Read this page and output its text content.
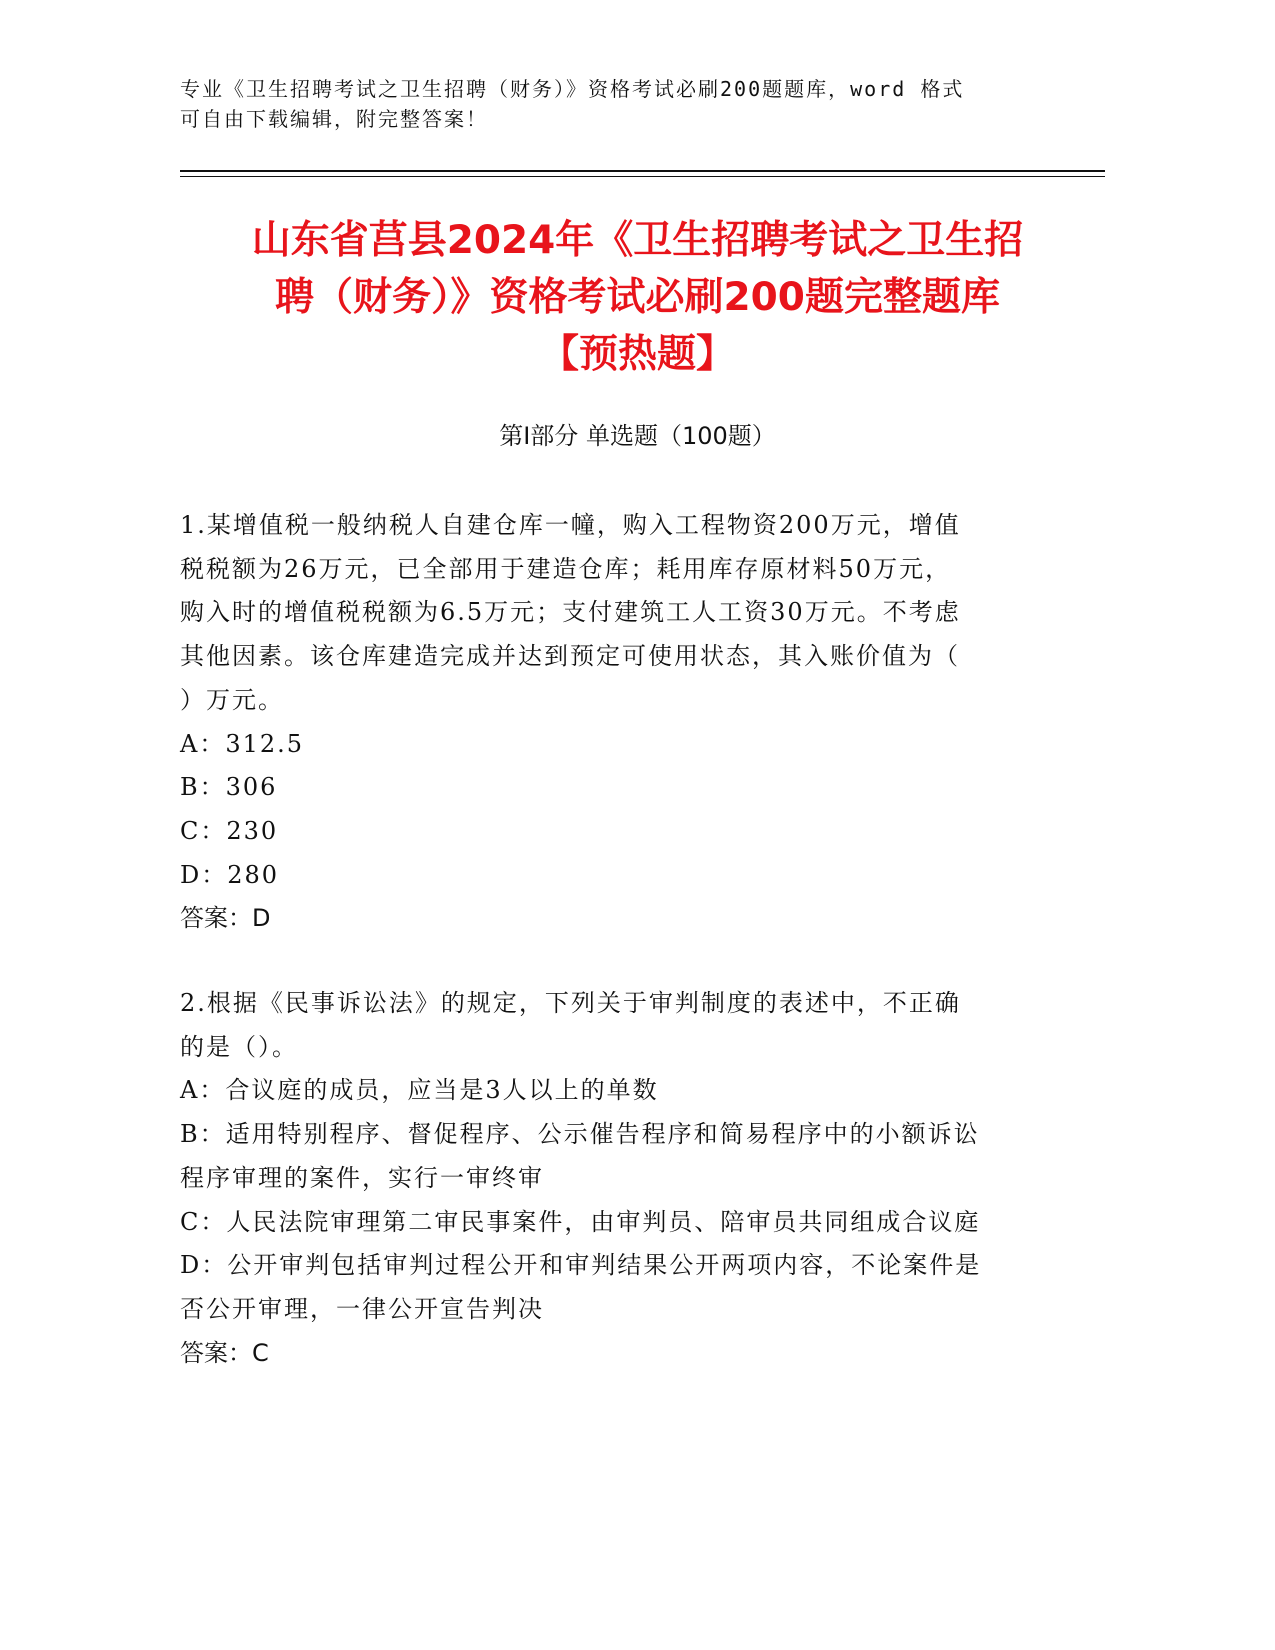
专业《卫生招聘考试之卫生招聘（财务）》资格考试必刷200题题库，word 格式
可自由下载编辑，附完整答案！
山东省莒县2024年《卫生招聘考试之卫生招
聘（财务）》资格考试必刷200题完整题库
【预热题】
第Ⅰ部分 单选题（100题）
1.某增值税一般纳税人自建仓库一幢，购入工程物资200万元，增值
税税额为26万元，已全部用于建造仓库；耗用库存原材料50万元，
购入时的增值税税额为6.5万元；支付建筑工人工资30万元。不考虑
其他因素。该仓库建造完成并达到预定可使用状态，其入账价值为（
）万元。
A：312.5
B：306
C：230
D：280
答案：D
2.根据《民事诉讼法》的规定，下列关于审判制度的表述中，不正确
的是（）。
A：合议庭的成员，应当是3人以上的单数
B：适用特别程序、督促程序、公示催告程序和简易程序中的小额诉讼
程序审理的案件，实行一审终审
C：人民法院审理第二审民事案件，由审判员、陪审员共同组成合议庭
D：公开审判包括审判过程公开和审判结果公开两项内容，不论案件是
否公开审理，一律公开宣告判决
答案：C
